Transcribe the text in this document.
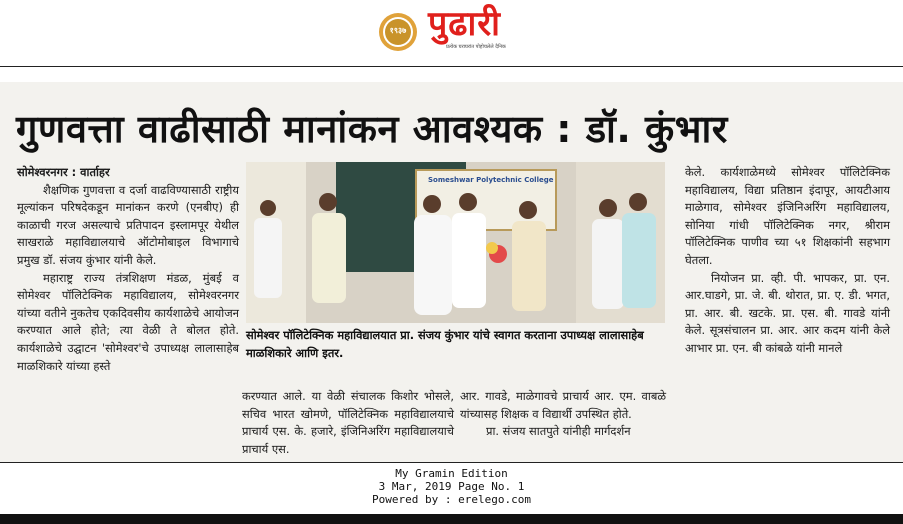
१९३७ पुढारी
प्रत्येक घराघरांत पोहोचलेले दैनिक
गुणवत्ता वाढीसाठी मानांकन आवश्यक : डॉ. कुंभार

सोमेश्वरनगर : वार्ताहर

शैक्षणिक गुणवत्ता व दर्जा वाढविण्यासाठी राष्ट्रीय मूल्यांकन परिषदेकडून मानांकन करणे (एनबीए) ही काळाची गरज असल्याचे प्रतिपादन इस्लामपूर येथील साखराळे महाविद्यालयाचे ऑटोमोबाइल विभागाचे प्रमुख डॉ. संजय कुंभार यांनी केले.

महाराष्ट्र राज्य तंत्रशिक्षण मंडळ, मुंबई व सोमेश्वर पॉलिटेक्निक महाविद्यालय, सोमेश्वरनगर यांच्या वतीने नुकतेच एकदिवसीय कार्यशाळेचे आयोजन करण्यात आले होते; त्या वेळी ते बोलत होते. कार्यशाळेचे उद्घाटन 'सोमेश्वर'चे उपाध्यक्ष लालासाहेब माळशिकारे यांच्या हस्ते

Someshwar Polytechnic College
सोमेश्वर पॉलिटेक्निक महाविद्यालयात प्रा. संजय कुंभार यांचे स्वागत करताना उपाध्यक्ष लालासाहेब माळशिकारे आणि इतर.

करण्यात आले. या वेळी संचालक किशोर भोसले, सचिव भारत खोमणे, पॉलिटेक्निक महाविद्यालयाचे प्राचार्य एस. के. हजारे, इंजिनिअरिंग महाविद्यालयाचे प्राचार्य एस.

आर. गावडे, माळेगावचे प्राचार्य आर. एम. वाबळे यांच्यासह शिक्षक व विद्यार्थी उपस्थित होते.

प्रा. संजय सातपुते यांनीही मार्गदर्शन

केले. कार्यशाळेमध्ये सोमेश्वर पॉलिटेक्निक महाविद्यालय, विद्या प्रतिष्ठान इंदापूर, आयटीआय माळेगाव, सोमेश्वर इंजिनिअरिंग महाविद्यालय, सोनिया गांधी पॉलिटेक्निक नगर, श्रीराम पॉलिटेक्निक पाणीव च्या ५१ शिक्षकांनी सहभाग घेतला.

नियोजन प्रा. व्ही. पी. भापकर, प्रा. एन. आर.घाडगे, प्रा. जे. बी. थोरात, प्रा. ए. डी. भगत, प्रा. आर. बी. खटके. प्रा. एस. बी. गावडे यांनी केले. सूत्रसंचालन प्रा. आर. आर कदम यांनी केले आभार प्रा. एन. बी कांबळे यांनी मानले

My Gramin Edition
3 Mar, 2019 Page No. 1
Powered by : erelego.com
